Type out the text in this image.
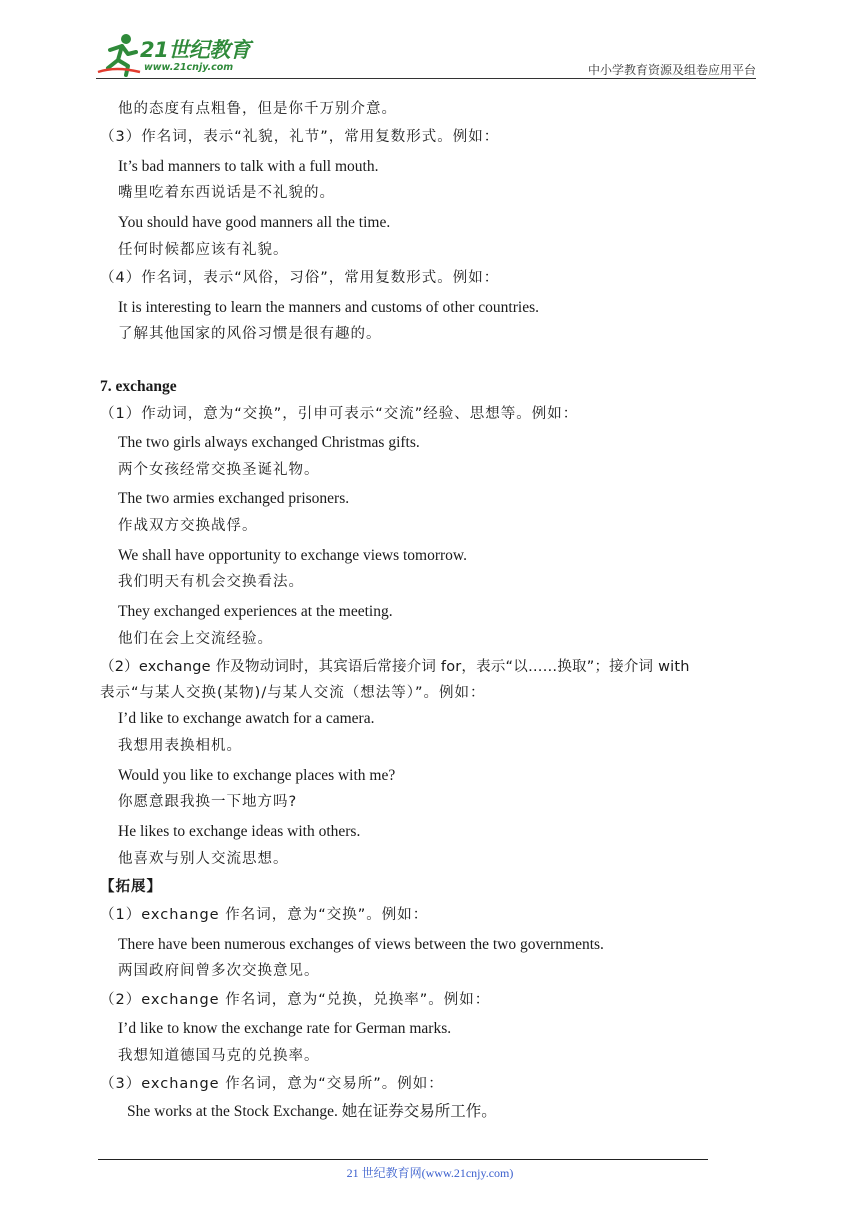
21世纪教育
www.21cnjy.com	中小学教育资源及组卷应用平台
他的态度有点粗鲁，但是你千万别介意。
（3）作名词，表示“礼貌，礼节”，常用复数形式。例如：
It’s bad manners to talk with a full mouth.
嘴里吃着东西说话是不礼貌的。
You should have good manners all the time.
任何时候都应该有礼貌。
（4）作名词，表示“风俗，习俗”，常用复数形式。例如：
It is interesting to learn the manners and customs of other countries.
了解其他国家的风俗习惯是很有趣的。
7. exchange
（1）作动词，意为“交换”，引申可表示“交流”经验、思想等。例如：
The two girls always exchanged Christmas gifts.
两个女孩经常交换圣诞礼物。
The two armies exchanged prisoners.
作战双方交换战俘。
We shall have opportunity to exchange views tomorrow.
我们明天有机会交换看法。
They exchanged experiences at the meeting.
他们在会上交流经验。
（2）exchange 作及物动词时，其宾语后常接介词 for，表示“以……换取”；接介词 with
表示“与某人交换(某物)/与某人交流（想法等）”。例如：
I’d like to exchange awatch for a camera.
我想用表换相机。
Would you like to exchange places with me?
你愿意跟我换一下地方吗?
He likes to exchange ideas with others.
他喜欢与别人交流思想。
【拓展】
（1）exchange 作名词，意为“交换”。例如：
There have been numerous exchanges of views between the two governments.
两国政府间曾多次交换意见。
（2）exchange 作名词，意为“兑换，兑换率”。例如：
I’d like to know the exchange rate for German marks.
我想知道德国马克的兑换率。
（3）exchange 作名词，意为“交易所”。例如：
She works at the Stock Exchange. 她在证券交易所工作。
21 世纪教育网(www.21cnjy.com)
